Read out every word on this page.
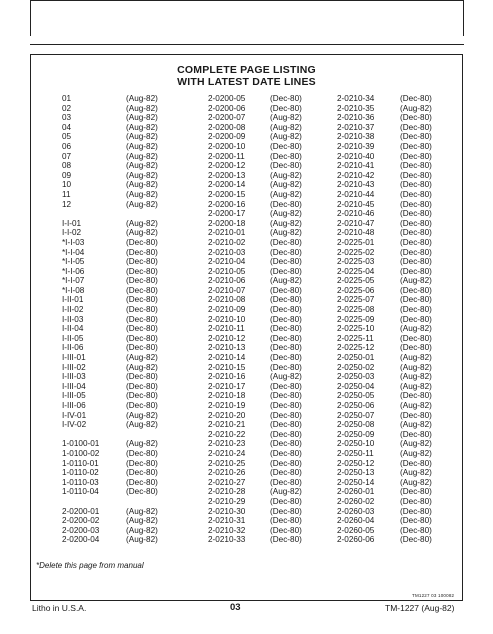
COMPLETE PAGE LISTING
WITH LATEST DATE LINES
01	(Aug-82)
02	(Aug-82)
03	(Aug-82)
04	(Aug-82)
05	(Aug-82)
06	(Aug-82)
07	(Aug-82)
08	(Aug-82)
09	(Aug-82)
10	(Aug-82)
11	(Aug-82)
12	(Aug-82)
I-I-01	(Aug-82)
I-I-02	(Aug-82)
*I-I-03	(Dec-80)
*I-I-04	(Dec-80)
*I-I-05	(Dec-80)
*I-I-06	(Dec-80)
*I-I-07	(Dec-80)
*I-I-08	(Dec-80)
I-II-01	(Dec-80)
I-II-02	(Dec-80)
I-II-03	(Dec-80)
I-II-04	(Dec-80)
I-II-05	(Dec-80)
I-II-06	(Dec-80)
I-III-01	(Aug-82)
I-III-02	(Aug-82)
I-III-03	(Dec-80)
I-III-04	(Dec-80)
I-III-05	(Dec-80)
I-III-06	(Dec-80)
I-IV-01	(Aug-82)
I-IV-02	(Aug-82)
1-0100-01	(Aug-82)
1-0100-02	(Dec-80)
1-0110-01	(Dec-80)
1-0110-02	(Dec-80)
1-0110-03	(Dec-80)
1-0110-04	(Dec-80)
2-0200-01	(Aug-82)
2-0200-02	(Aug-82)
2-0200-03	(Aug-82)
2-0200-04	(Aug-82)
2-0200-05	(Dec-80)
2-0200-06	(Dec-80)
2-0200-07	(Aug-82)
2-0200-08	(Aug-82)
2-0200-09	(Aug-82)
2-0200-10	(Dec-80)
2-0200-11	(Dec-80)
2-0200-12	(Dec-80)
2-0200-13	(Aug-82)
2-0200-14	(Aug-82)
2-0200-15	(Aug-82)
2-0200-16	(Dec-80)
2-0200-17	(Aug-82)
2-0200-18	(Aug-82)
2-0210-01	(Aug-82)
2-0210-02	(Dec-80)
2-0210-03	(Dec-80)
2-0210-04	(Dec-80)
2-0210-05	(Dec-80)
2-0210-06	(Aug-82)
2-0210-07	(Dec-80)
2-0210-08	(Dec-80)
2-0210-09	(Dec-80)
2-0210-10	(Dec-80)
2-0210-11	(Dec-80)
2-0210-12	(Dec-80)
2-0210-13	(Dec-80)
2-0210-14	(Dec-80)
2-0210-15	(Dec-80)
2-0210-16	(Aug-82)
2-0210-17	(Dec-80)
2-0210-18	(Dec-80)
2-0210-19	(Dec-80)
2-0210-20	(Dec-80)
2-0210-21	(Dec-80)
2-0210-22	(Dec-80)
2-0210-23	(Dec-80)
2-0210-24	(Dec-80)
2-0210-25	(Dec-80)
2-0210-26	(Dec-80)
2-0210-27	(Dec-80)
2-0210-28	(Aug-82)
2-0210-29	(Dec-80)
2-0210-30	(Dec-80)
2-0210-31	(Dec-80)
2-0210-32	(Dec-80)
2-0210-33	(Dec-80)
2-0210-34	(Dec-80)
2-0210-35	(Aug-82)
2-0210-36	(Dec-80)
2-0210-37	(Dec-80)
2-0210-38	(Dec-80)
2-0210-39	(Dec-80)
2-0210-40	(Dec-80)
2-0210-41	(Dec-80)
2-0210-42	(Dec-80)
2-0210-43	(Dec-80)
2-0210-44	(Dec-80)
2-0210-45	(Dec-80)
2-0210-46	(Dec-80)
2-0210-47	(Dec-80)
2-0210-48	(Dec-80)
2-0225-01	(Dec-80)
2-0225-02	(Dec-80)
2-0225-03	(Dec-80)
2-0225-04	(Dec-80)
2-0225-05	(Aug-82)
2-0225-06	(Dec-80)
2-0225-07	(Dec-80)
2-0225-08	(Dec-80)
2-0225-09	(Dec-80)
2-0225-10	(Aug-82)
2-0225-11	(Dec-80)
2-0225-12	(Dec-80)
2-0250-01	(Aug-82)
2-0250-02	(Aug-82)
2-0250-03	(Aug-82)
2-0250-04	(Aug-82)
2-0250-05	(Dec-80)
2-0250-06	(Aug-82)
2-0250-07	(Dec-80)
2-0250-08	(Aug-82)
2-0250-09	(Dec-80)
2-0250-10	(Aug-82)
2-0250-11	(Aug-82)
2-0250-12	(Dec-80)
2-0250-13	(Aug-82)
2-0250-14	(Aug-82)
2-0260-01	(Dec-80)
2-0260-02	(Dec-80)
2-0260-03	(Dec-80)
2-0260-04	(Dec-80)
2-0260-05	(Dec-80)
2-0260-06	(Dec-80)
*Delete this page from manual
TM1227 03 100082
Litho in U.S.A.	03	TM-1227 (Aug-82)
